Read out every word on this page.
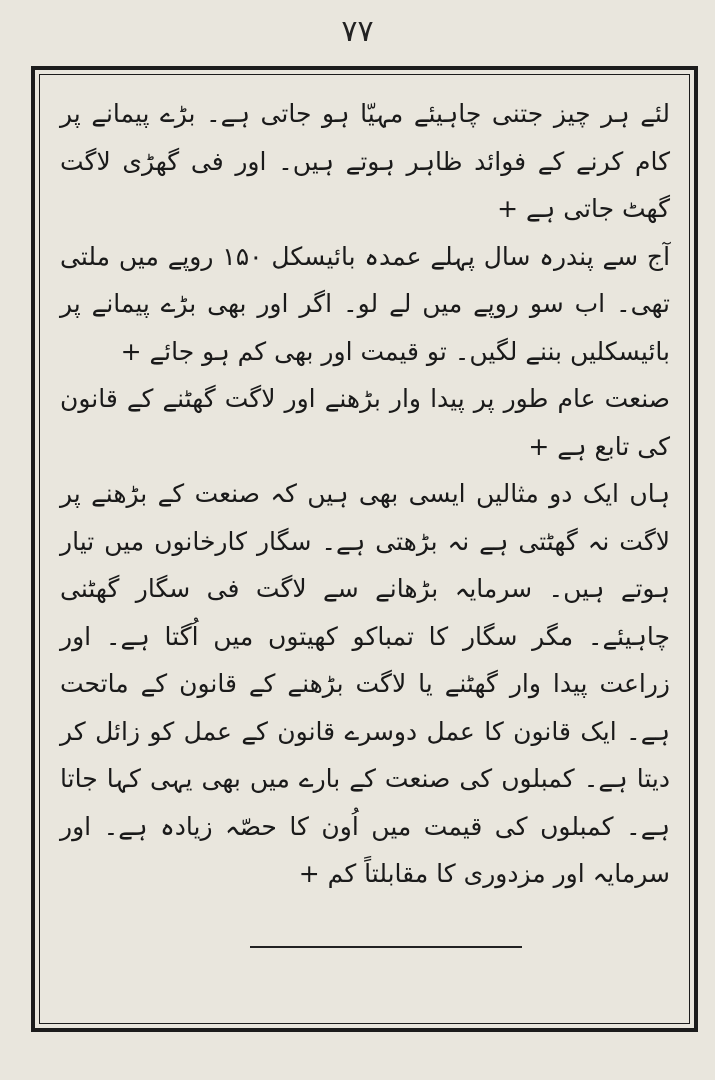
۷۷

لئے ہر چیز جتنی چاہیئے مہیّا ہو جاتی ہے۔ بڑے پیمانے پر کام کرنے کے فوائد ظاہر ہوتے ہیں۔ اور فی گھڑی لاگت گھٹ جاتی ہے +

آج سے پندرہ سال پہلے عمدہ بائیسکل ۱۵۰ روپے میں ملتی تھی۔ اب سو روپے میں لے لو۔ اگر اور بھی بڑے پیمانے پر بائیسکلیں بننے لگیں۔ تو قیمت اور بھی کم ہو جائے +

صنعت عام طور پر پیدا وار بڑھنے اور لاگت گھٹنے کے قانون کی تابع ہے +

ہاں ایک دو مثالیں ایسی بھی ہیں کہ صنعت کے بڑھنے پر لاگت نہ گھٹتی ہے نہ بڑھتی ہے۔ سگار کارخانوں میں تیار ہوتے ہیں۔ سرمایہ بڑھانے سے لاگت فی سگار گھٹنی چاہیئے۔ مگر سگار کا تمباکو کھیتوں میں اُگتا ہے۔ اور زراعت پیدا وار گھٹنے یا لاگت بڑھنے کے قانون کے ماتحت ہے۔ ایک قانون کا عمل دوسرے قانون کے عمل کو زائل کر دیتا ہے۔ کمبلوں کی صنعت کے بارے میں بھی یہی کہا جاتا ہے۔ کمبلوں کی قیمت میں اُون کا حصّہ زیادہ ہے۔ اور سرمایہ اور مزدوری کا مقابلتاً کم +
